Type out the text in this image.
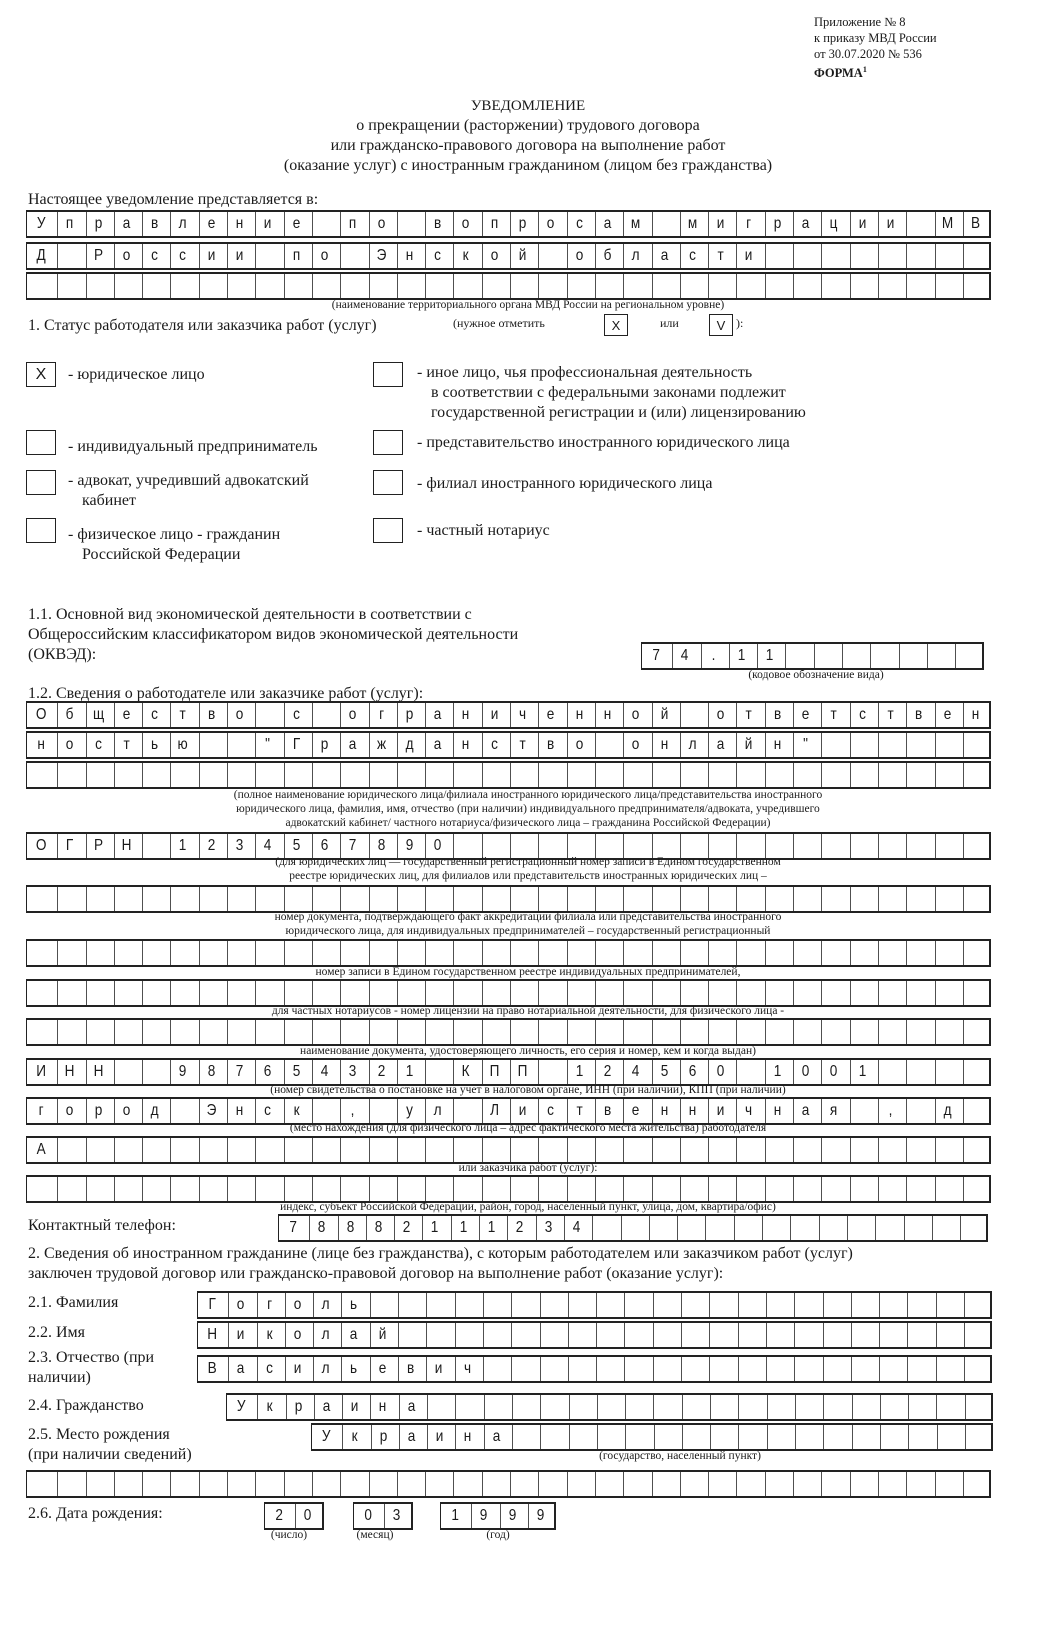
Приложение № 8
к приказу МВД России
от 30.07.2020 № 536
ФОРМА$^1$
УВЕДОМЛЕНИЕ
о прекращении (расторжении) трудового договора
или гражданско-правового договора на выполнение работ
(оказание услуг) с иностранным гражданином (лицом без гражданства)
Настоящее уведомление представляется в:
У	п	р	а	в	л	е	н	и	е	п	о	в	о	п	р	о	с	а	м	м	и	г	р	а	ц	и	и	М	В
Д	Р	о	с	с	и	и	п	о	Э	н	с	к	о	й	о	б	л	а	с	т	и
(наименование территориального органа МВД России на региональном уровне)
1. Статус работодателя или заказчика работ (услуг)	(нужное отметить	X	или	V ):
X	- юридическое лицо
- индивидуальный предприниматель
- адвокат, учредивший адвокатский
кабинет
- физическое лицо - гражданин
Российской Федерации
- иное лицо, чья профессиональная деятельность
в соответствии с федеральными законами подлежит
государственной регистрации и (или) лицензированию
- представительство иностранного юридического лица
- филиал иностранного юридического лица
- частный нотариус
1.1. Основной вид экономической деятельности в соответствии с
Общероссийским классификатором видов экономической деятельности
(ОКВЭД):	7	4	.	1	1
(кодовое обозначение вида)
1.2. Сведения о работодателе или заказчике работ (услуг):
О	б	щ	е	с	т	в	о	с	о	г	р	а	н	и	ч	е	н	н	о	й	о	т	в	е	т	с	т	в	е	н
н	о	с	т	ь	ю	"	Г	р	а	ж	д	а	н	с	т	в	о	о	н	л	а	й	н	"
(полное наименование юридического лица/филиала иностранного юридического лица/представительства иностранного
юридического лица, фамилия, имя, отчество (при наличии) индивидуального предпринимателя/адвоката, учредившего
адвокатский кабинет/ частного нотариуса/физического лица – гражданина Российской Федерации)
О	Г	Р	Н	1	2	3	4	5	6	7	8	9	0
(для юридических лиц — государственный регистрационный номер записи в Едином государственном
реестре юридических лиц, для филиалов или представительств иностранных юридических лиц –
номер документа, подтверждающего факт аккредитации филиала или представительства иностранного
юридического лица, для индивидуальных предпринимателей – государственный регистрационный
номер записи в Едином государственном реестре индивидуальных предпринимателей,
для частных нотариусов - номер лицензии на право нотариальной деятельности, для физического лица -
наименование документа, удостоверяющего личность, его серия и номер, кем и когда выдан)
И	Н	Н	9	8	7	6	5	4	3	2	1	К	П	П	1	2	4	5	6	0	1	0	0	1
(номер свидетельства о постановке на учет в налоговом органе, ИНН (при наличии), КПП (при наличии)
г	о	р	о	д	Э	н	с	к	,	у	л	Л	и	с	т	в	е	н	н	и	ч	н	а	я	,	д
(место нахождения (для физического лица – адрес фактического места жительства) работодателя
А
или заказчика работ (услуг):
индекс, субъект Российской Федерации, район, город, населенный пункт, улица, дом, квартира/офис)
Контактный телефон:	7	8	8	8	2	1	1	1	2	3	4
2. Сведения об иностранном гражданине (лице без гражданства), с которым работодателем или заказчиком работ (услуг)
заключен трудовой договор или гражданско-правовой договор на выполнение работ (оказание услуг):
2.1. Фамилия	Г	о	г	о	л	ь
2.2. Имя	Н	и	к	о	л	а	й
2.3. Отчество (при
наличии)
В	а	с	и	л	ь	е	в	и	ч
2.4. Гражданство	У	к	р	а	и	н	а
2.5. Место рождения
(при наличии сведений)
У	к	р	а	и	н	а
(государство, населенный пункт)
2.6. Дата рождения:	2	0	0	3	1	9	9	9
(число)	(месяц)	(год)
